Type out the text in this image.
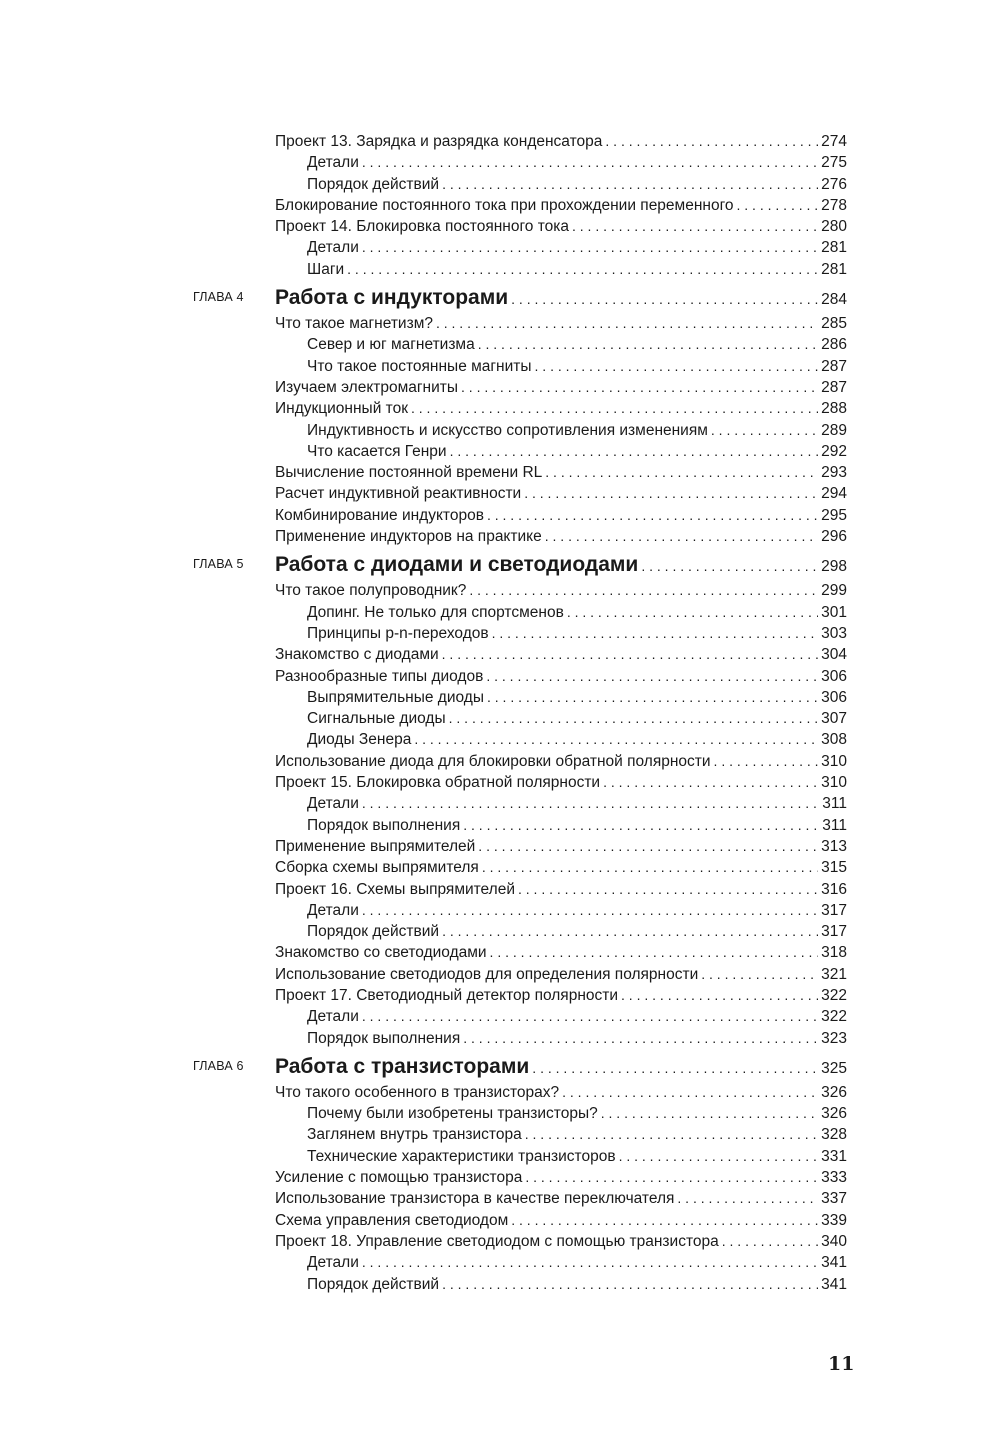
Проект 13. Зарядка и разрядка конденсатора . . .	274
Детали . . .	275
Порядок действий . . .	276
Блокирование постоянного тока при прохождении переменного . . .	278
Проект 14. Блокировка постоянного тока . . .	280
Детали . . .	281
Шаги . . .	281
ГЛАВА 4 Работа с индукторами . . .	284
Что такое магнетизм? . . .	285
Север и юг магнетизма . . .	286
Что такое постоянные магниты . . .	287
Изучаем электромагниты . . .	287
Индукционный ток . . .	288
Индуктивность и искусство сопротивления изменениям . . .	289
Что касается Генри . . .	292
Вычисление постоянной времени RL . . .	293
Расчет индуктивной реактивности . . .	294
Комбинирование индукторов . . .	295
Применение индукторов на практике . . .	296
ГЛАВА 5 Работа с диодами и светодиодами . . .	298
Что такое полупроводник? . . .	299
Допинг. Не только для спортсменов . . .	301
Принципы p-n-переходов . . .	303
Знакомство с диодами . . .	304
Разнообразные типы диодов . . .	306
Выпрямительные диоды . . .	306
Сигнальные диоды . . .	307
Диоды Зенера . . .	308
Использование диода для блокировки обратной полярности . . .	310
Проект 15. Блокировка обратной полярности . . .	310
Детали . . .	311
Порядок выполнения . . .	311
Применение выпрямителей . . .	313
Сборка схемы выпрямителя . . .	315
Проект 16. Схемы выпрямителей . . .	316
Детали . . .	317
Порядок действий . . .	317
Знакомство со светодиодами . . .	318
Использование светодиодов для определения полярности . . .	321
Проект 17. Светодиодный детектор полярности . . .	322
Детали . . .	322
Порядок выполнения . . .	323
ГЛАВА 6 Работа с транзисторами . . .	325
Что такого особенного в транзисторах? . . .	326
Почему были изобретены транзисторы? . . .	326
Заглянем внутрь транзистора . . .	328
Технические характеристики транзисторов . . .	331
Усиление с помощью транзистора . . .	333
Использование транзистора в качестве переключателя . . .	337
Схема управления светодиодом . . .	339
Проект 18. Управление светодиодом с помощью транзистора . . .	340
Детали . . .	341
Порядок действий . . .	341
11
